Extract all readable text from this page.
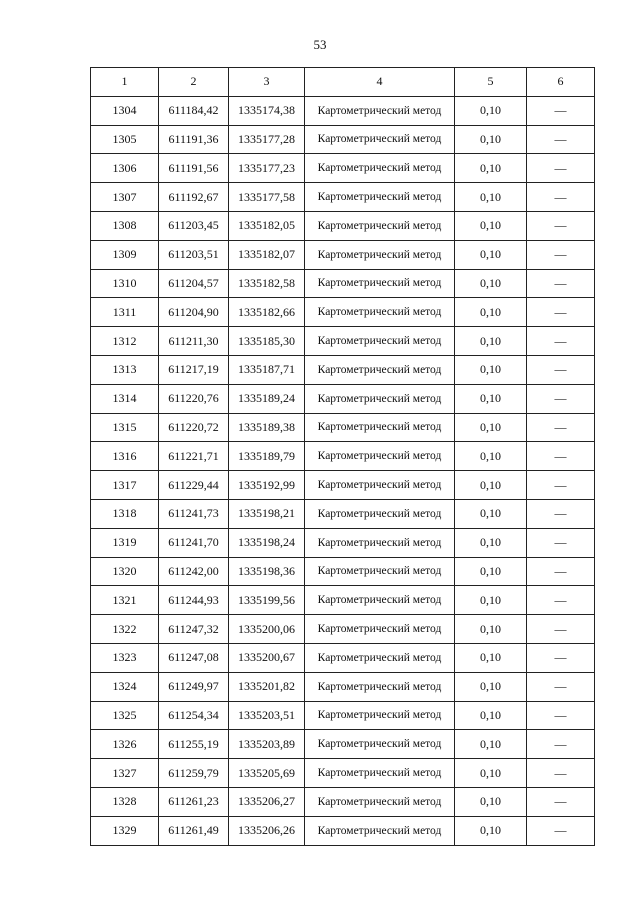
53
1	2	3	4	5	6
1304	611184,42	1335174,38	Картометрический метод	0,10	—
1305	611191,36	1335177,28	Картометрический метод	0,10	—
1306	611191,56	1335177,23	Картометрический метод	0,10	—
1307	611192,67	1335177,58	Картометрический метод	0,10	—
1308	611203,45	1335182,05	Картометрический метод	0,10	—
1309	611203,51	1335182,07	Картометрический метод	0,10	—
1310	611204,57	1335182,58	Картометрический метод	0,10	—
1311	611204,90	1335182,66	Картометрический метод	0,10	—
1312	611211,30	1335185,30	Картометрический метод	0,10	—
1313	611217,19	1335187,71	Картометрический метод	0,10	—
1314	611220,76	1335189,24	Картометрический метод	0,10	—
1315	611220,72	1335189,38	Картометрический метод	0,10	—
1316	611221,71	1335189,79	Картометрический метод	0,10	—
1317	611229,44	1335192,99	Картометрический метод	0,10	—
1318	611241,73	1335198,21	Картометрический метод	0,10	—
1319	611241,70	1335198,24	Картометрический метод	0,10	—
1320	611242,00	1335198,36	Картометрический метод	0,10	—
1321	611244,93	1335199,56	Картометрический метод	0,10	—
1322	611247,32	1335200,06	Картометрический метод	0,10	—
1323	611247,08	1335200,67	Картометрический метод	0,10	—
1324	611249,97	1335201,82	Картометрический метод	0,10	—
1325	611254,34	1335203,51	Картометрический метод	0,10	—
1326	611255,19	1335203,89	Картометрический метод	0,10	—
1327	611259,79	1335205,69	Картометрический метод	0,10	—
1328	611261,23	1335206,27	Картометрический метод	0,10	—
1329	611261,49	1335206,26	Картометрический метод	0,10	—
